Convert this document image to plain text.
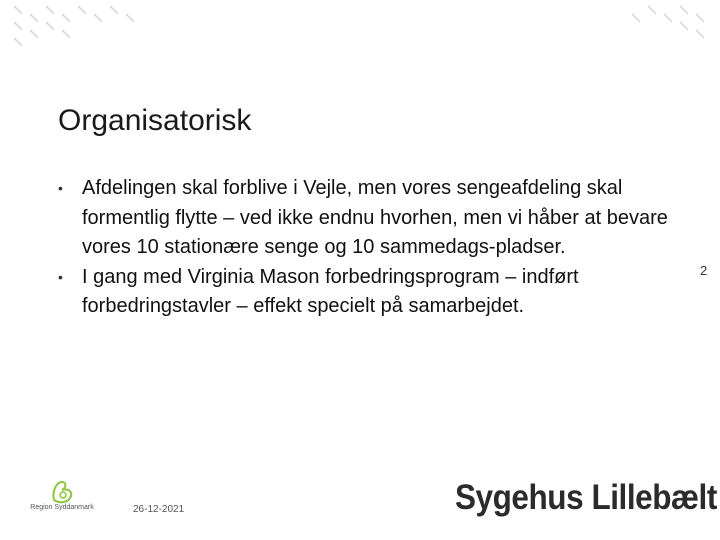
Organisatorisk
• Afdelingen skal forblive i Vejle, men vores sengeafdeling skal formentlig flytte – ved ikke endnu hvorhen, men vi håber at bevare vores 10 stationære senge og 10 sammedags-pladser.
• I gang med Virginia Mason forbedringsprogram – indført forbedringstavler – effekt specielt på samarbejdet.
2
Region Syddanmark	26-12-2021	Sygehus Lillebælt
